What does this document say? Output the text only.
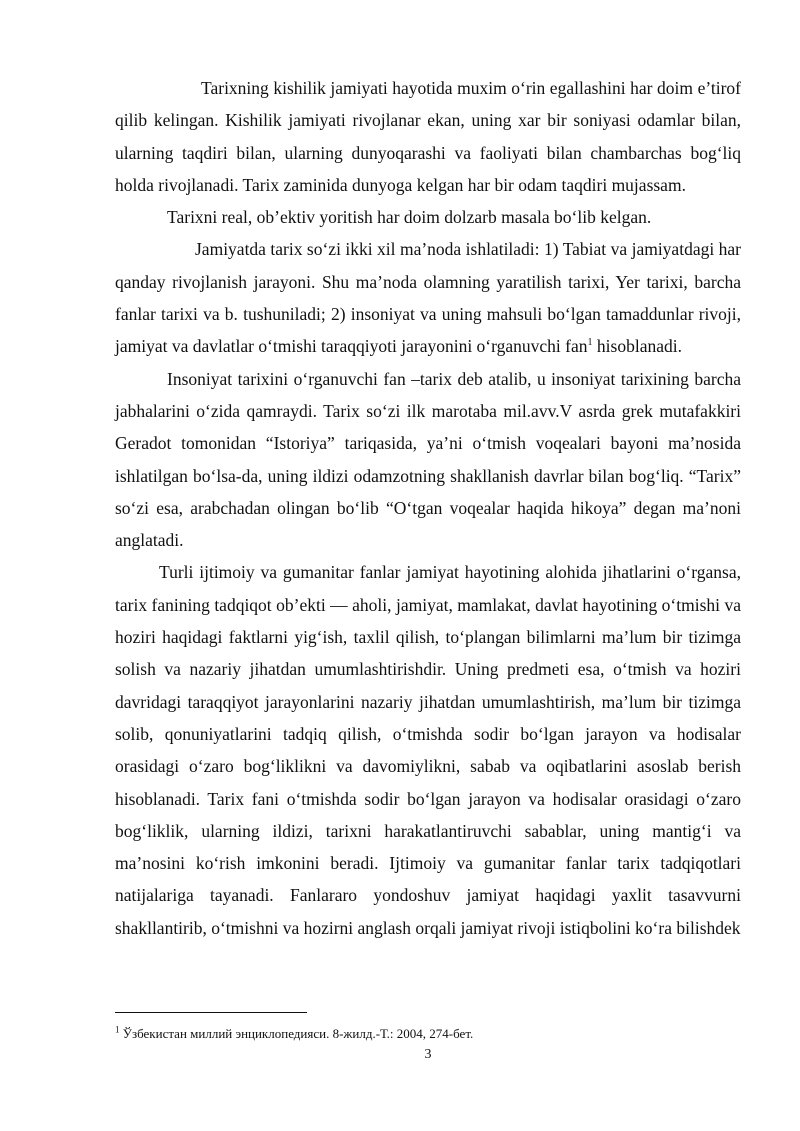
Tarixning kishilik jamiyati hayotida muxim o‘rin egallashini har doim e’tirof qilib kelingan. Kishilik jamiyati rivojlanar ekan, uning xar bir soniyasi odamlar bilan, ularning taqdiri bilan, ularning dunyoqarashi va faoliyati bilan chambarchas bog‘liq holda rivojlanadi. Tarix zaminida dunyoga kelgan har bir odam taqdiri mujassam.

Tarixni real, ob’ektiv yoritish har doim dolzarb masala bo‘lib kelgan.

Jamiyatda tarix so‘zi ikki xil ma’noda ishlatiladi: 1) Tabiat va jamiyatdagi har qanday rivojlanish jarayoni. Shu ma’noda olamning yaratilish tarixi, Yer tarixi, barcha fanlar tarixi va b. tushuniladi; 2) insoniyat va uning mahsuli bo‘lgan tamaddunlar rivoji, jamiyat va davlatlar o‘tmishi taraqqiyoti jarayonini o‘rganuvchi fan$^1$ hisoblanadi.

Insoniyat tarixini o‘rganuvchi fan –tarix deb atalib, u insoniyat tarixining barcha jabhalarini o‘zida qamraydi. Tarix so‘zi ilk marotaba mil.avv.V asrda grek mutafakkiri Geradot tomonidan “Istoriya” tariqasida, ya’ni o‘tmish voqealari bayoni ma’nosida ishlatilgan bo‘lsa-da, uning ildizi odamzotning shakllanish davrlar bilan bog‘liq. “Tarix” so‘zi esa, arabchadan olingan bo‘lib “O‘tgan voqealar haqida hikoya” degan ma’noni anglatadi.

Turli ijtimoiy va gumanitar fanlar jamiyat hayotining alohida jihatlarini o‘rgansa, tarix fanining tadqiqot ob’ekti — aholi, jamiyat, mamlakat, davlat hayotining o‘tmishi va hoziri haqidagi faktlarni yig‘ish, taxlil qilish, to‘plangan bilimlarni ma’lum bir tizimga solish va nazariy jihatdan umumlashtirishdir. Uning predmeti esa, o‘tmish va hoziri davridagi taraqqiyot jarayonlarini nazariy jihatdan umumlashtirish, ma’lum bir tizimga solib, qonuniyatlarini tadqiq qilish, o‘tmishda sodir bo‘lgan jarayon va hodisalar orasidagi o‘zaro bog‘liklikni va davomiylikni, sabab va oqibatlarini asoslab berish hisoblanadi. Tarix fani o‘tmishda sodir bo‘lgan jarayon va hodisalar orasidagi o‘zaro bog‘liklik, ularning ildizi, tarixni harakatlantiruvchi sabablar, uning mantig‘i va ma’nosini ko‘rish imkonini beradi. Ijtimoiy va gumanitar fanlar tarix tadqiqotlari natijalariga tayanadi. Fanlararo yondoshuv jamiyat haqidagi yaxlit tasavvurni shakllantirib, o‘tmishni va hozirni anglash orqali jamiyat rivoji istiqbolini ko‘ra bilishdek

$^1$ Ўзбекистан миллий энциклопедияси. 8-жилд.-Т.: 2004, 274-бет.
3
